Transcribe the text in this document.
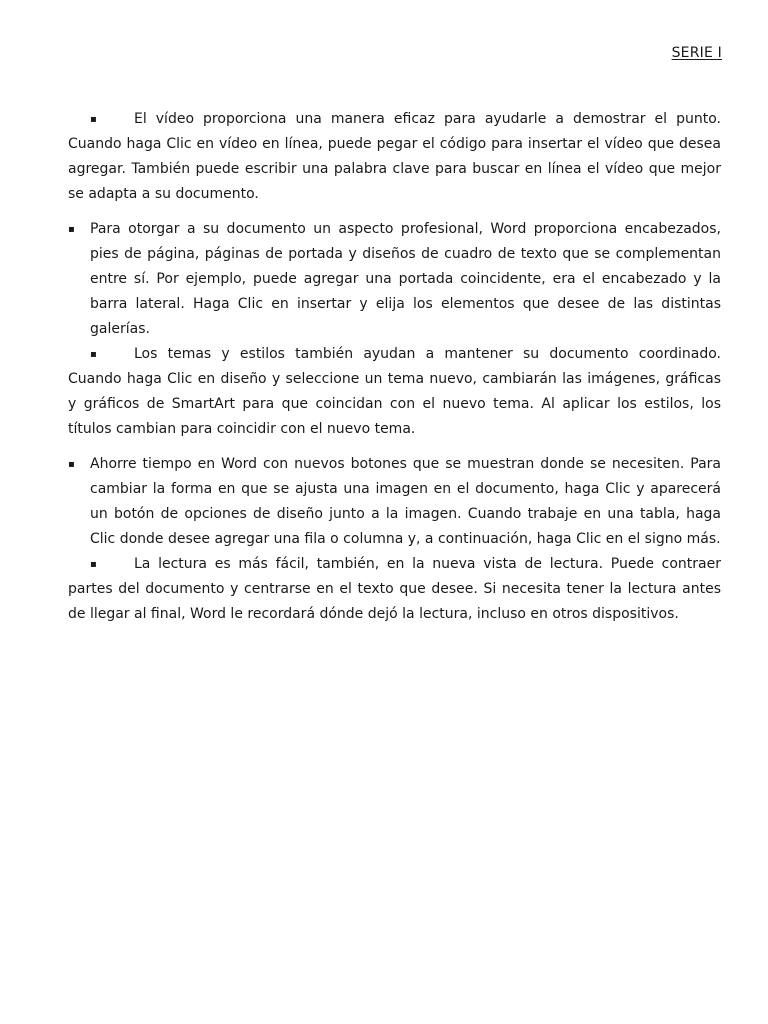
SERIE I

▪	El vídeo proporciona una manera eficaz para ayudarle a demostrar el punto. Cuando haga Clic en vídeo en línea, puede pegar el código para insertar el vídeo que desea agregar. También puede escribir una palabra clave para buscar en línea el vídeo que mejor se adapta a su documento.

▪	Para otorgar a su documento un aspecto profesional, Word proporciona encabezados, pies de página, páginas de portada y diseños de cuadro de texto que se complementan entre sí. Por ejemplo, puede agregar una portada coincidente, era el encabezado y la barra lateral. Haga Clic en insertar y elija los elementos que desee de las distintas galerías.

▪	Los temas y estilos también ayudan a mantener su documento coordinado. Cuando haga Clic en diseño y seleccione un tema nuevo, cambiarán las imágenes, gráficas y gráficos de SmartArt para que coincidan con el nuevo tema. Al aplicar los estilos, los títulos cambian para coincidir con el nuevo tema.

▪	Ahorre tiempo en Word con nuevos botones que se muestran donde se necesiten. Para cambiar la forma en que se ajusta una imagen en el documento, haga Clic y aparecerá un botón de opciones de diseño junto a la imagen. Cuando trabaje en una tabla, haga Clic donde desee agregar una fila o columna y, a continuación, haga Clic en el signo más.

▪	La lectura es más fácil, también, en la nueva vista de lectura. Puede contraer partes del documento y centrarse en el texto que desee. Si necesita tener la lectura antes de llegar al final, Word le recordará dónde dejó la lectura, incluso en otros dispositivos.
